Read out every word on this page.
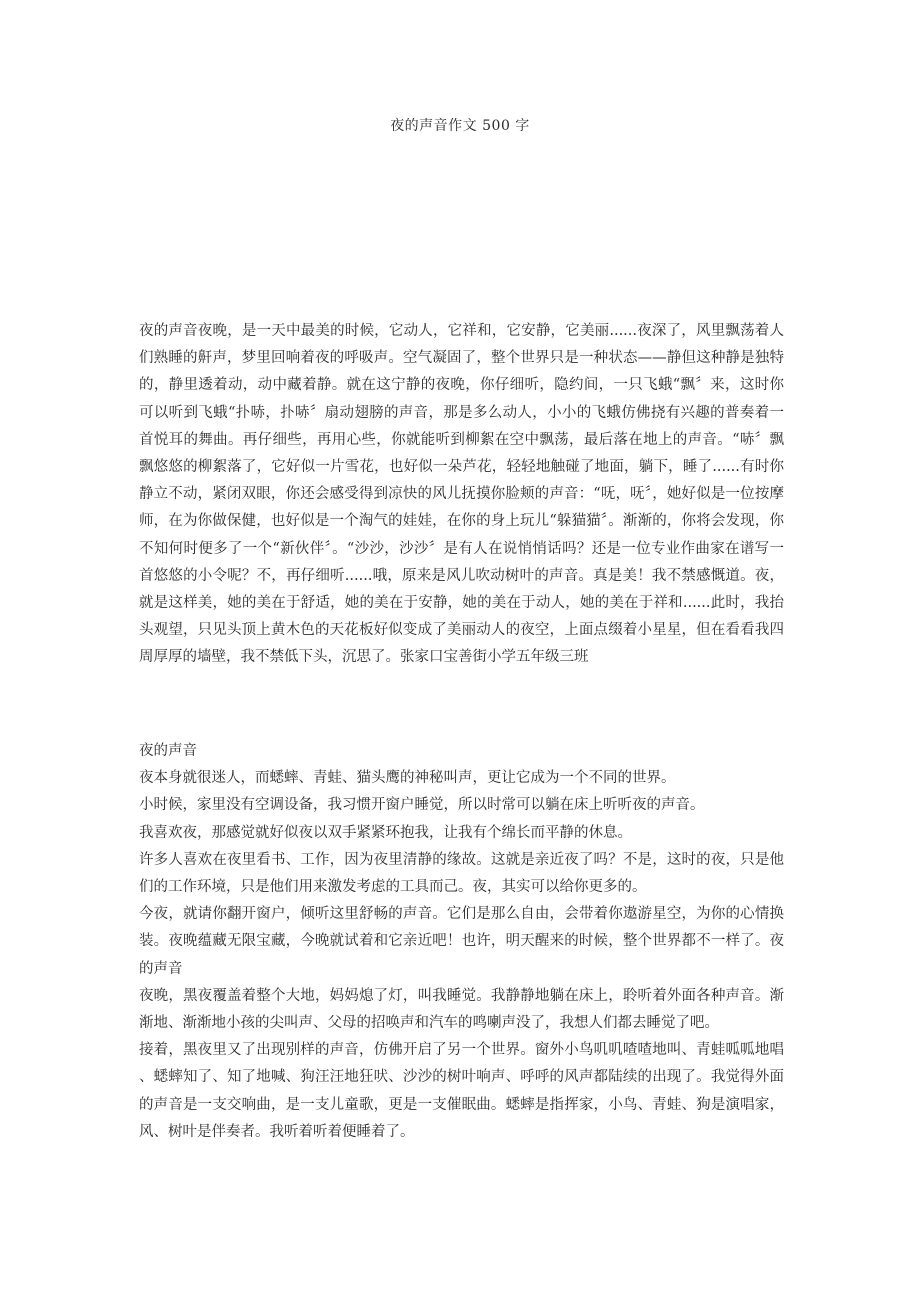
夜的声音作文 500 字

夜的声音夜晚，是一天中最美的时候，它动人，它祥和，它安静，它美丽......夜深了，风里飘荡着人们熟睡的鼾声，梦里回响着夜的呼吸声。空气凝固了，整个世界只是一种状态——静但这种静是独特的，静里透着动，动中藏着静。就在这宁静的夜晚，你仔细听，隐约间，一只飞蛾“飘〞来，这时你可以听到飞蛾“扑哧，扑哧〞扇动翅膀的声音，那是多么动人，小小的飞蛾仿佛挠有兴趣的普奏着一首悦耳的舞曲。再仔细些，再用心些，你就能听到柳絮在空中飘荡，最后落在地上的声音。“哧〞飘飘悠悠的柳絮落了，它好似一片雪花，也好似一朵芦花，轻轻地触碰了地面，躺下，睡了......有时你静立不动，紧闭双眼，你还会感受得到凉快的风儿抚摸你脸颊的声音：“呒，呒〞，她好似是一位按摩师，在为你做保健，也好似是一个淘气的娃娃，在你的身上玩儿“躲猫猫〞。渐渐的，你将会发现，你不知何时便多了一个“新伙伴〞。“沙沙，沙沙〞是有人在说悄悄话吗？还是一位专业作曲家在谱写一首悠悠的小令呢？不，再仔细听......哦，原来是风儿吹动树叶的声音。真是美！我不禁感慨道。夜，就是这样美，她的美在于舒适，她的美在于安静，她的美在于动人，她的美在于祥和......此时，我抬头观望，只见头顶上黄木色的天花板好似变成了美丽动人的夜空，上面点缀着小星星，但在看看我四周厚厚的墙壁，我不禁低下头，沉思了。张家口宝善街小学五年级三班

夜的声音

夜本身就很迷人，而蟋蟀、青蛙、猫头鹰的神秘叫声，更让它成为一个不同的世界。

小时候，家里没有空调设备，我习惯开窗户睡觉，所以时常可以躺在床上听听夜的声音。

我喜欢夜，那感觉就好似夜以双手紧紧环抱我，让我有个绵长而平静的休息。

许多人喜欢在夜里看书、工作，因为夜里清静的缘故。这就是亲近夜了吗？不是，这时的夜，只是他们的工作环境，只是他们用来激发考虑的工具而己。夜，其实可以给你更多的。

今夜，就请你翻开窗户，倾听这里舒畅的声音。它们是那么自由，会带着你遨游星空，为你的心情换装。夜晚蕴藏无限宝藏，今晚就试着和它亲近吧！也许，明天醒来的时候，整个世界都不一样了。夜的声音

夜晚，黑夜覆盖着整个大地，妈妈熄了灯，叫我睡觉。我静静地躺在床上，聆听着外面各种声音。渐渐地、渐渐地小孩的尖叫声、父母的招唤声和汽车的鸣喇声没了，我想人们都去睡觉了吧。

接着，黑夜里又了出现别样的声音，仿佛开启了另一个世界。窗外小鸟叽叽喳喳地叫、青蛙呱呱地唱、蟋蟀知了、知了地喊、狗汪汪地狂吠、沙沙的树叶响声、呼呼的风声都陆续的出现了。我觉得外面的声音是一支交响曲，是一支儿童歌，更是一支催眠曲。蟋蟀是指挥家，小鸟、青蛙、狗是演唱家，风、树叶是伴奏者。我听着听着便睡着了。
